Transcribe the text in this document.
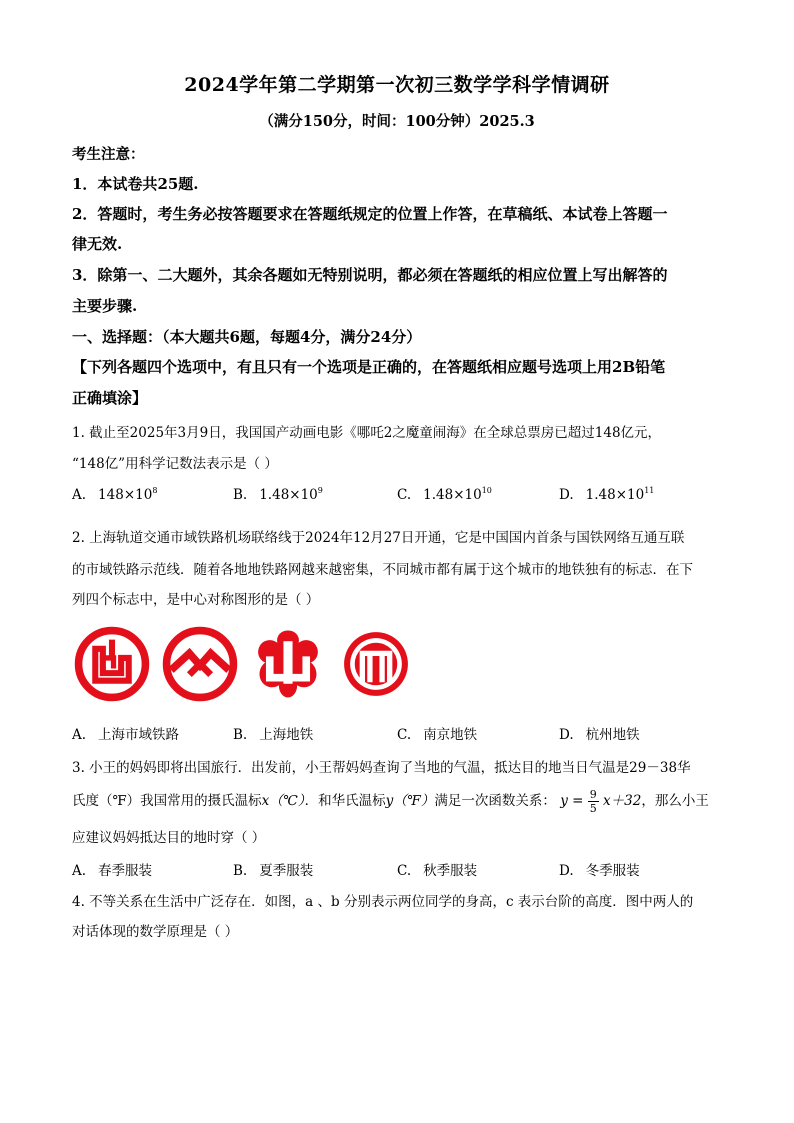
2024学年第二学期第一次初三数学学科学情调研
（满分150分，时间：100分钟）2025.3
考生注意：
1．本试卷共25题.
2．答题时，考生务必按答题要求在答题纸规定的位置上作答，在草稿纸、本试卷上答题一
律无效.
3．除第一、二大题外，其余各题如无特别说明，都必须在答题纸的相应位置上写出解答的
主要步骤.
一、选择题：（本大题共6题，每题4分，满分24分）
【下列各题四个选项中，有且只有一个选项是正确的，在答题纸相应题号选项上用2B铅笔
正确填涂】
1. 截止至2025年3月9日，我国国产动画电影《哪吒2之魔童闹海》在全球总票房已超过148亿元，
“148亿”用科学记数法表示是（ ）
A. $148\times 10^8$	B. $1.48\times 10^9$	C. $1.48\times 10^{10}$	D. $1.48\times 10^{11}$
2. 上海轨道交通市域铁路机场联络线于2024年12月27日开通，它是中国国内首条与国铁网络互通互联
的市域铁路示范线．随着各地地铁路网越来越密集，不同城市都有属于这个城市的地铁独有的标志．在下
列四个标志中，是中心对称图形的是（ ）
A. 上海市域铁路	B. 上海地铁	C. 南京地铁	D. 杭州地铁
3. 小王的妈妈即将出国旅行．出发前，小王帮妈妈查询了当地的气温，抵达目的地当日气温是29－38华
氏度（℉）我国常用的摄氏温标x（℃）．和华氏温标y（℉）满足一次函数关系： $y = \frac{9}{5} x+32$，那么小王
应建议妈妈抵达目的地时穿（ ）
A. 春季服装	B. 夏季服装	C. 秋季服装	D. 冬季服装
4. 不等关系在生活中广泛存在．如图，a 、b 分别表示两位同学的身高，c 表示台阶的高度．图中两人的
对话体现的数学原理是（ ）
